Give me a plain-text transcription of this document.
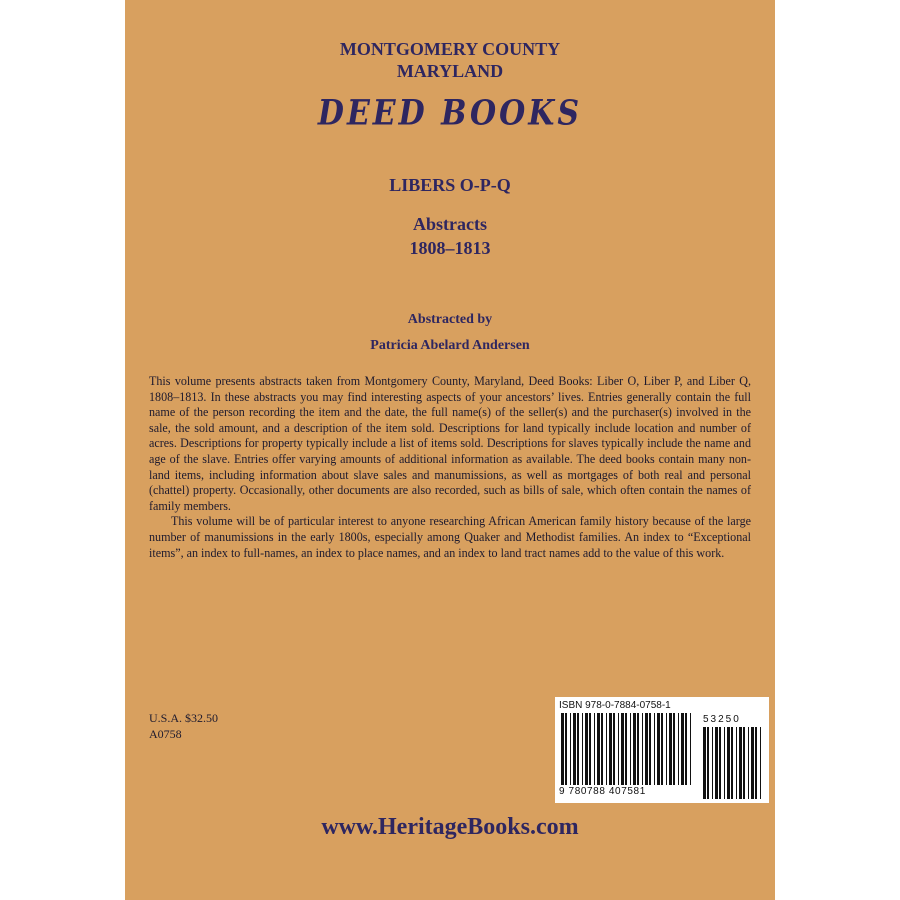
MONTGOMERY COUNTY
MARYLAND
DEED BOOKS
LIBERS O-P-Q
Abstracts
1808–1813
Abstracted by
Patricia Abelard Andersen

This volume presents abstracts taken from Montgomery County, Maryland, Deed Books: Liber O, Liber P, and Liber Q, 1808–1813. In these abstracts you may find interesting aspects of your ancestors’ lives. Entries generally contain the full name of the person recording the item and the date, the full name(s) of the seller(s) and the purchaser(s) involved in the sale, the sold amount, and a description of the item sold. Descriptions for land typically include location and number of acres. Descriptions for property typically include a list of items sold. Descriptions for slaves typically include the name and age of the slave. Entries offer varying amounts of additional information as available. The deed books contain many non-land items, including information about slave sales and manumissions, as well as mortgages of both real and personal (chattel) property. Occasionally, other documents are also recorded, such as bills of sale, which often contain the names of family members.

This volume will be of particular interest to anyone researching African American family history because of the large number of manumissions in the early 1800s, especially among Quaker and Methodist families. An index to “Exceptional items”, an index to full-names, an index to place names, and an index to land tract names add to the value of this work.

U.S.A. $32.50
A0758
ISBN 978-0-7884-0758-1
53250
9 780788 407581
www.HeritageBooks.com
